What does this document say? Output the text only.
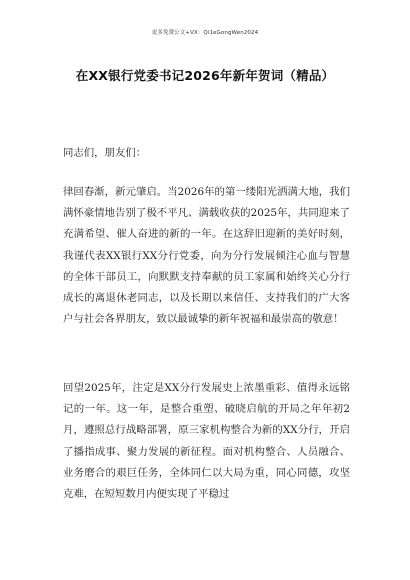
更多免费公文+VX：Qi1eGongWen2024
在XX银行党委书记2026年新年贺词（精品）
同志们，朋友们：

律回春渐，新元肇启。当2026年的第一缕阳光洒满大地，我们满怀豪情地告别了极不平凡、满载收获的2025年，共同迎来了充满希望、催人奋进的新的一年。在这辞旧迎新的美好时刻，我谨代表XX银行XX分行党委，向为分行发展倾注心血与智慧的全体干部员工，向默默支持奉献的员工家属和始终关心分行成长的离退休老同志，以及长期以来信任、支持我们的广大客户与社会各界朋友，致以最诚挚的新年祝福和最崇高的敬意！

回望2025年，注定是XX分行发展史上浓墨重彩、值得永远铭记的一年。这一年，是整合重塑、破晓启航的开局之年年初2月，遵照总行战略部署，原三家机构整合为新的XX分行，开启了播指成事、聚力发展的新征程。面对机构整合、人员融合、业务磨合的艰巨任务，全体同仁以大局为重，同心同德，攻坚克难，在短短数月内便实现了平稳过
